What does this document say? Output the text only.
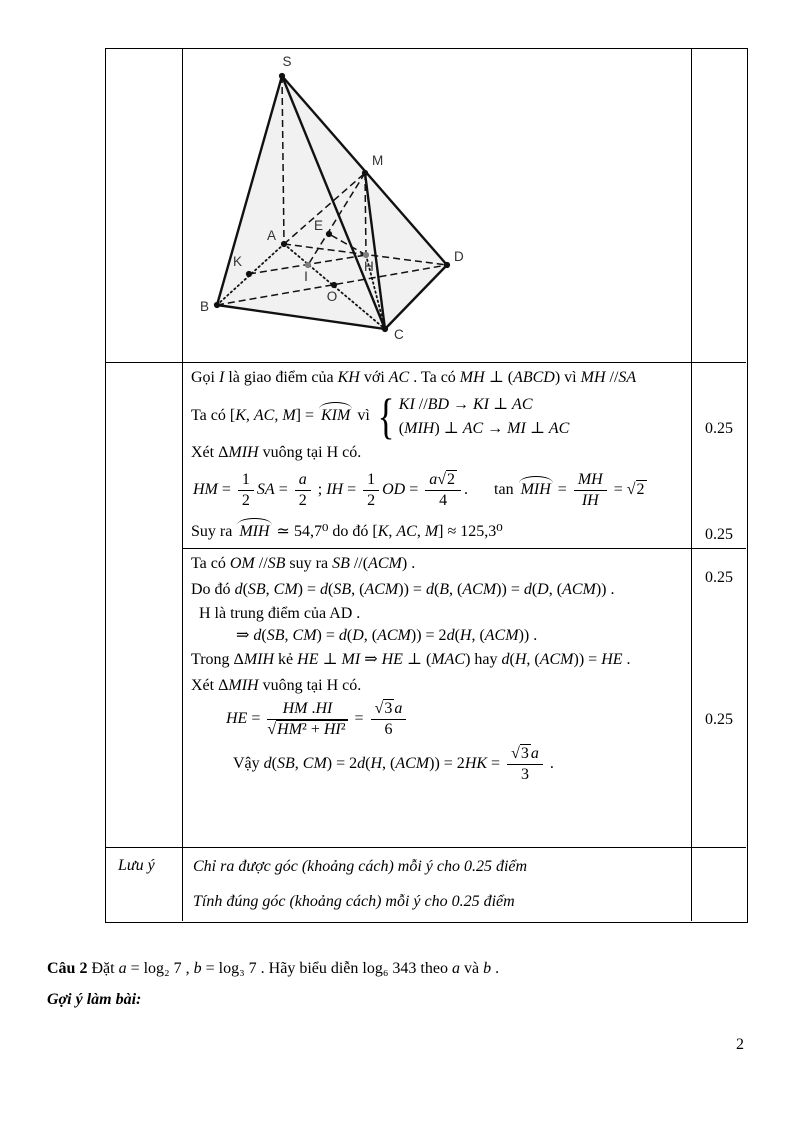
Lưu ý
S
M
A
E
K	H
I
O
B
C
D
Gọi I là giao điểm của KH với AC . Ta có MH ⊥ (ABCD) vì MH //SA
Ta có [K, AC, M] =
KIM vì { KI //BD → KI ⊥ AC
(MIH) ⊥ AC → MI ⊥ AC
Xét ΔMIH vuông tại H có.
HM = $\frac{1}{2}$ SA = $\frac{a}{2}$ ; IH = $\frac{1}{2}$ OD = $\frac{a√2}{4}$ . tan
MIH = $\frac{MH}{IH} = √2$
Suy ra
MIH ≃ 54,7⁰ do đó [K, AC, M] ≈ 125,3⁰
Ta có OM //SB suy ra SB //(ACM) .
Do đó d(SB, CM) = d(SB, (ACM)) = d(B, (ACM)) = d(D, (ACM)) .
H là trung điểm của AD .
⇒ d(SB, CM) = d(D, (ACM)) = 2d(H, (ACM)) .
Trong ΔMIH kẻ HE ⊥ MI ⇒ HE ⊥ (MAC) hay d(H, (ACM)) = HE .
Xét ΔMIH vuông tại H có.
HE = $\frac{HM .HI}{\text{√HM² + HI²}} = \frac{√3 a}{6}$
Vậy d(SB, CM) = 2d(H, $(ACM)) = 2HK = \frac{√3 a}{3}$ .
Chỉ ra được góc (khoảng cách) mỗi ý cho 0.25 điểm
Tính đúng góc (khoảng cách) mỗi ý cho 0.25 điểm
0.25
0.25
0.25
0.25
Câu 2 Đặt a = log₂ 7 , b = log₃ 7 . Hãy biểu diễn log₆ 343 theo a và b .
Gợi ý làm bài:
2
